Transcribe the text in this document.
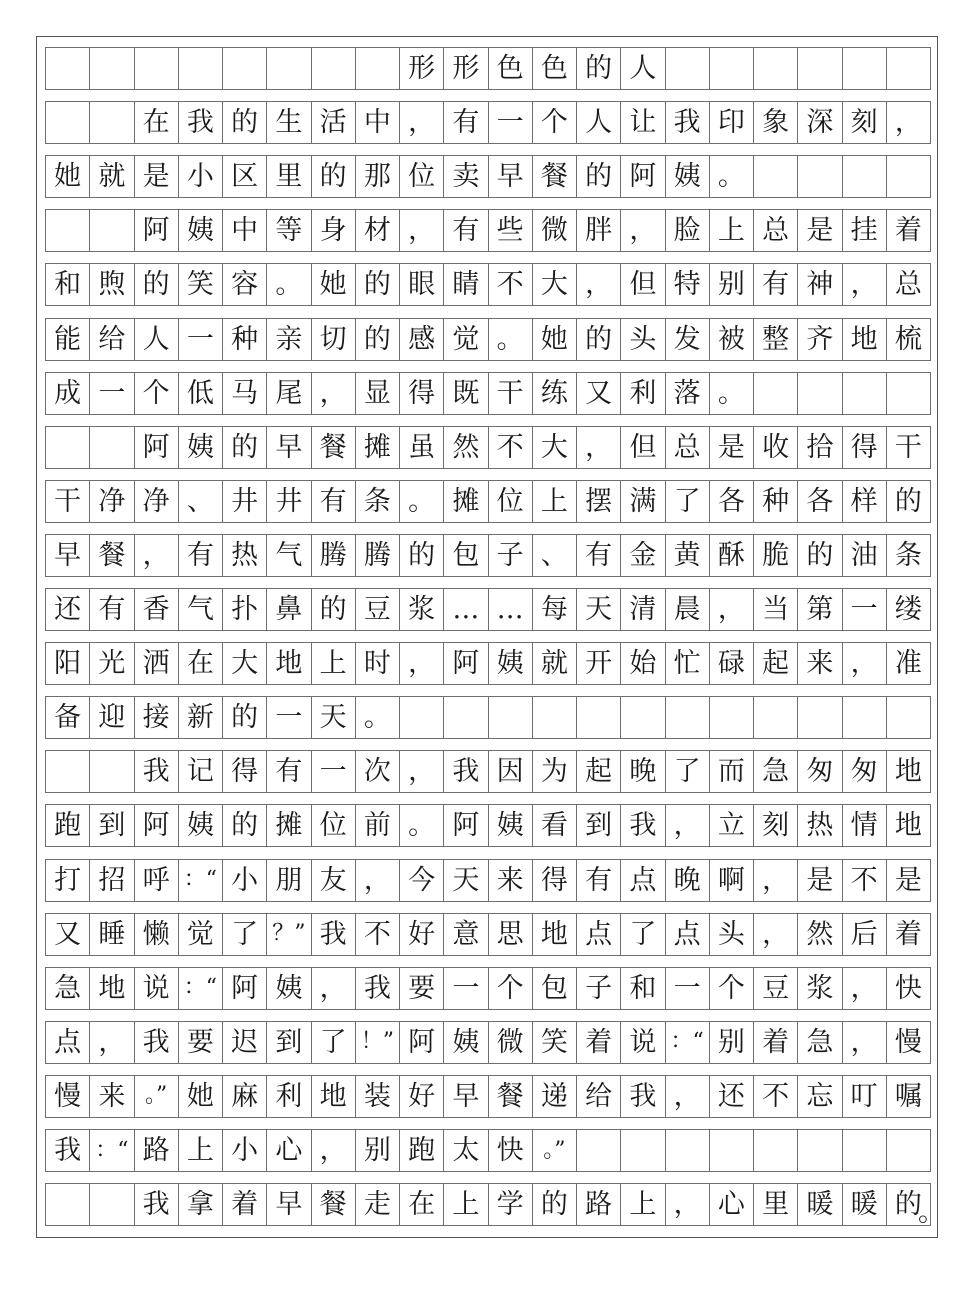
形 形 色 色 的 人
在 我 的 生 活 中 ， 有 一 个 人 让 我 印 象 深 刻 ，
她 就 是 小 区 里 的 那 位 卖 早 餐 的 阿 姨 。
阿 姨 中 等 身 材 ， 有 些 微 胖 ， 脸 上 总 是 挂 着
和 煦 的 笑 容 。 她 的 眼 睛 不 大 ， 但 特 别 有 神 ， 总
能 给 人 一 种 亲 切 的 感 觉 。 她 的 头 发 被 整 齐 地 梳
成 一 个 低 马 尾 ， 显 得 既 干 练 又 利 落 。
阿 姨 的 早 餐 摊 虽 然 不 大 ， 但 总 是 收 拾 得 干
干 净 净 、 井 井 有 条 。 摊 位 上 摆 满 了 各 种 各 样 的
早 餐 ， 有 热 气 腾 腾 的 包 子 、 有 金 黄 酥 脆 的 油 条
还 有 香 气 扑 鼻 的 豆 浆 … … 每 天 清 晨 ， 当 第 一 缕
阳 光 洒 在 大 地 上 时 ， 阿 姨 就 开 始 忙 碌 起 来 ， 准
备 迎 接 新 的 一 天 。
我 记 得 有 一 次 ， 我 因 为 起 晚 了 而 急 匆 匆 地
跑 到 阿 姨 的 摊 位 前 。 阿 姨 看 到 我 ， 立 刻 热 情 地
打 招 呼 ：“ 小 朋 友 ， 今 天 来 得 有 点 晚 啊 ， 是 不 是
又 睡 懒 觉 了 ？” 我 不 好 意 思 地 点 了 点 头 ， 然 后 着
急 地 说 ：“ 阿 姨 ， 我 要 一 个 包 子 和 一 个 豆 浆 ， 快
点 ， 我 要 迟 到 了 ！” 阿 姨 微 笑 着 说 ：“ 别 着 急 ， 慢
慢 来 。” 她 麻 利 地 装 好 早 餐 递 给 我 ， 还 不 忘 叮 嘱
我 ：“ 路 上 小 心 ， 别 跑 太 快 。”
我 拿 着 早 餐 走 在 上 学 的 路 上 ， 心 里 暖 暖 的
。
